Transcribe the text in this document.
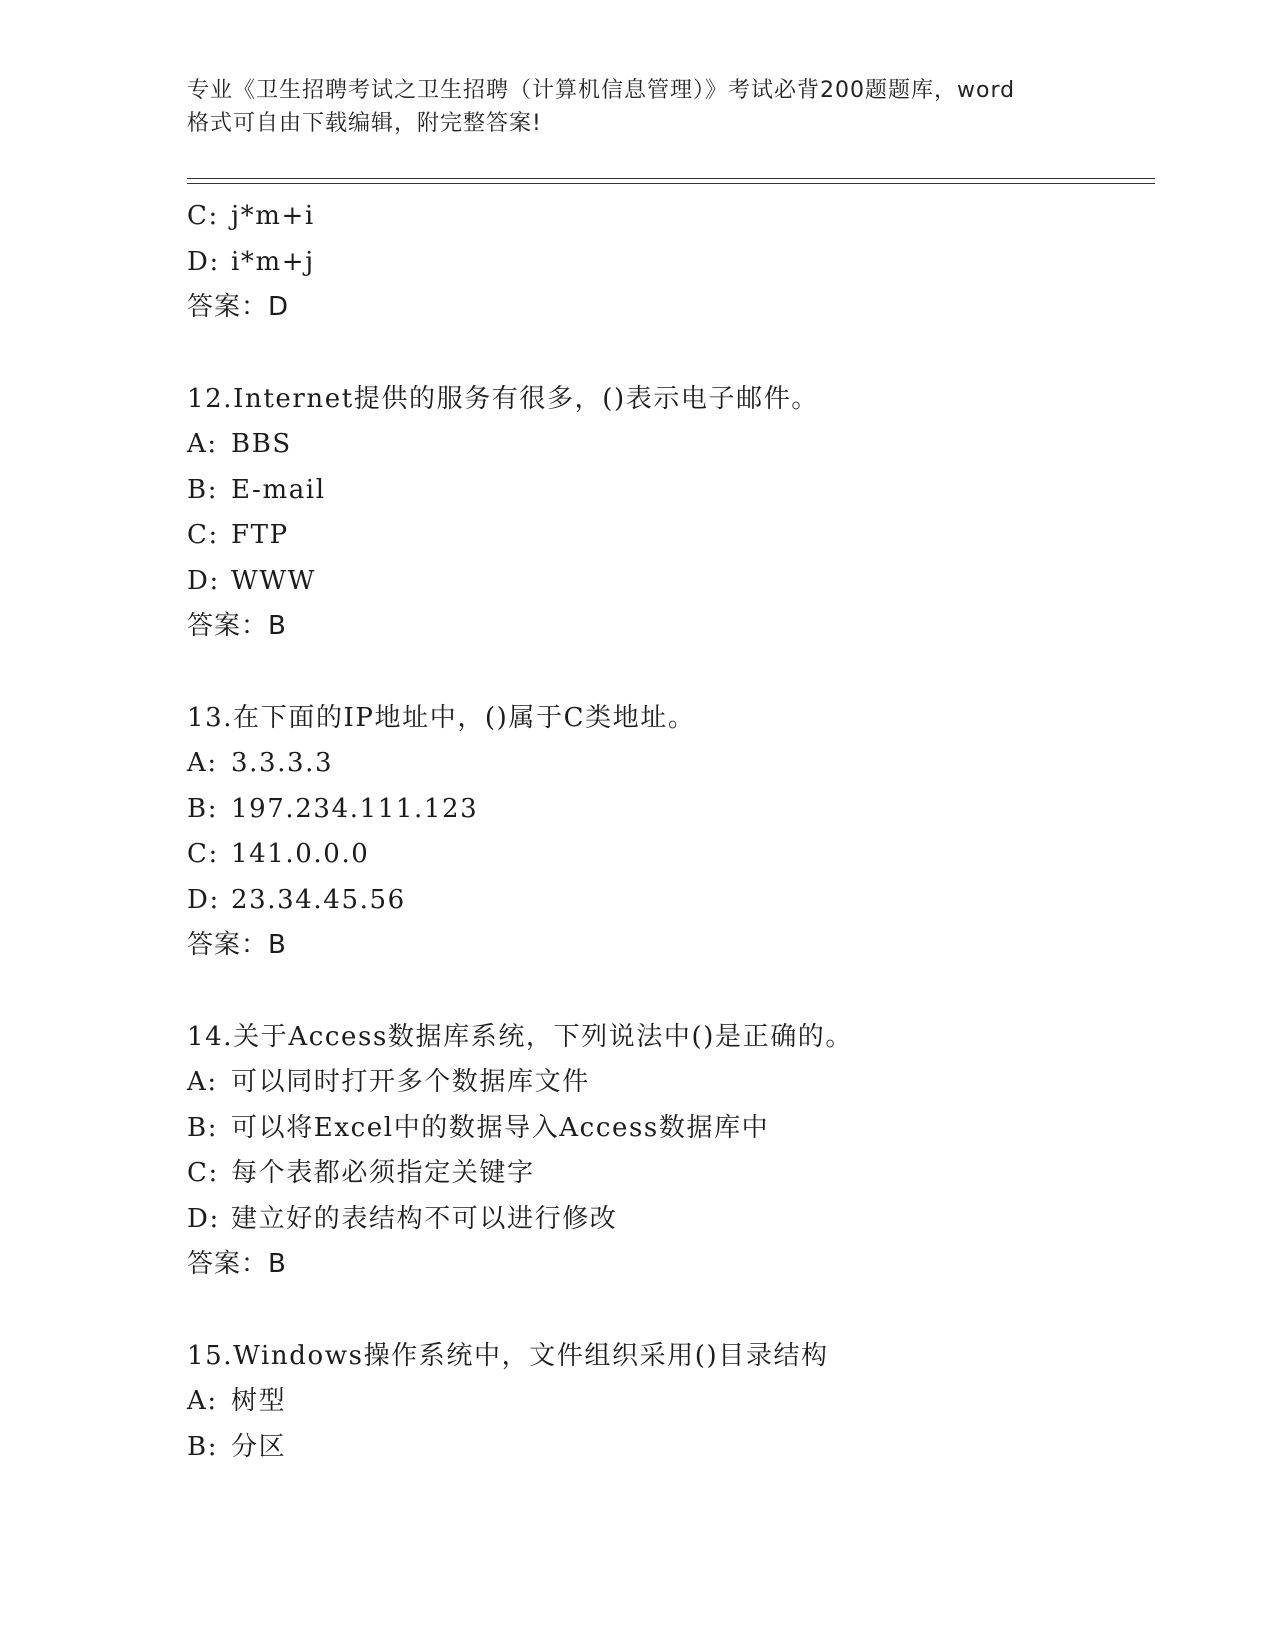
专业《卫生招聘考试之卫生招聘（计算机信息管理）》考试必背200题题库，word
格式可自由下载编辑，附完整答案!
C: j*m+i
D: i*m+j
答案：D
12.Internet提供的服务有很多，()表示电子邮件。
A: BBS
B: E-mail
C: FTP
D: WWW
答案：B
13.在下面的IP地址中，()属于C类地址。
A: 3.3.3.3
B: 197.234.111.123
C: 141.0.0.0
D: 23.34.45.56
答案：B
14.关于Access数据库系统，下列说法中()是正确的。
A: 可以同时打开多个数据库文件
B: 可以将Excel中的数据导入Access数据库中
C: 每个表都必须指定关键字
D: 建立好的表结构不可以进行修改
答案：B
15.Windows操作系统中，文件组织采用()目录结构
A: 树型
B: 分区
